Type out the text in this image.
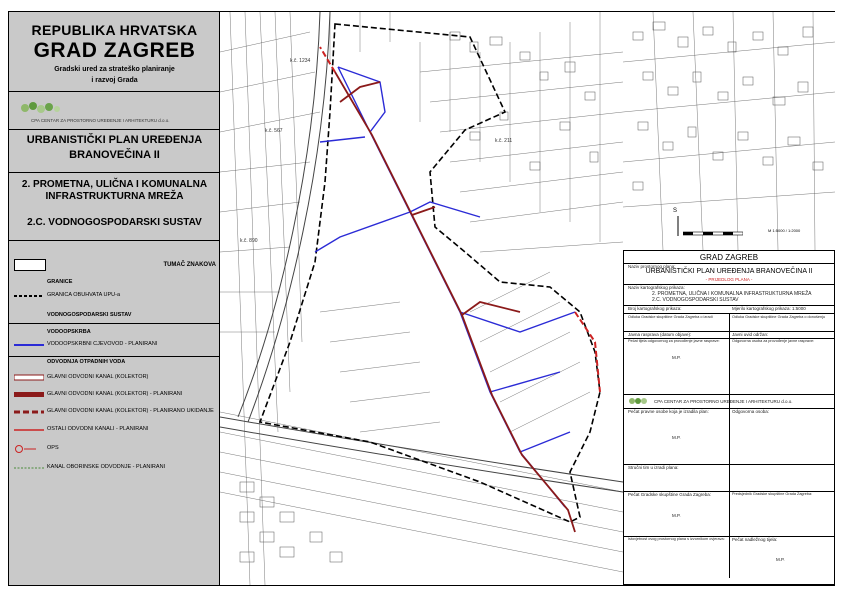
REPUBLIKA HRVATSKA
GRAD ZAGREB
Gradski ured za strateško planiranje
i razvoj Grada
CPA CENTAR ZA PROSTORNO UREĐENJE I ARHITEKTURU d.o.o.
URBANISTIČKI PLAN UREĐENJA
BRANOVEČINA II
2. PROMETNA, ULIČNA I KOMUNALNA
INFRASTRUKTURNA MREŽA
2.C. VODNOGOSPODARSKI SUSTAV
TUMAČ ZNAKOVA
GRANICE
GRANICA OBUHVATA UPU-a
VODNOGOSPODARSKI SUSTAV
VODOOPSKRBA
VODOOPSKRBNI CJEVOVOD - PLANIRANI
ODVODNJA OTPADNIH VODA
GLAVNI ODVODNI KANAL (KOLEKTOR)
GLAVNI ODVODNI KANAL (KOLEKTOR) - PLANIRANI
GLAVNI ODVODNI KANAL (KOLEKTOR) - PLANIRANO UKIDANJE
OSTALI ODVODNI KANALI - PLANIRANI
OPS
KANAL OBORINSKE ODVODNJE - PLANIRANI
k.č. 1234
k.č. 567
k.č. 890
k.č. 211
S
M 1:5000 / 1:2000
GRAD ZAGREB
Naziv prostornog plana:
URBANISTIČKI PLAN UREĐENJA BRANOVEČINA II
- PRIJEDLOG PLANA -
Naziv kartografskog prikaza:
2. PROMETNA, ULIČNA I KOMUNALNA INFRASTRUKTURNA MREŽA
2.C. VODNOGOSPODARSKI SUSTAV
Broj kartografskog prikaza:	Mjerilo kartografskog prikaza: 1:5000
Odluka Gradske skupštine Grada Zagreba o izradi	Odluka Gradske skupštine Grada Zagreba o donošenju
Javna rasprava (datum objave):	Javni uvid održan:
Pečat tijela odgovornog za provođenje javne rasprave:	Odgovorna osoba za provođenje javne rasprave:
M.P.
CPA CENTAR ZA PROSTORNO UREĐENJE I ARHITEKTURU d.o.o.
Pečat pravne osobe koja je izradila plan:	Odgovorna osoba:
M.P.
Stručni tim u izradi plana:
Pečat Gradske skupštine Grada Zagreba:	Predsjednik Gradske skupštine Grada Zagreba:
M.P.
Istovjetnost ovog prostornog plana s izvornikom ovjerava: Pečat nadležnog tijela:
M.P.
